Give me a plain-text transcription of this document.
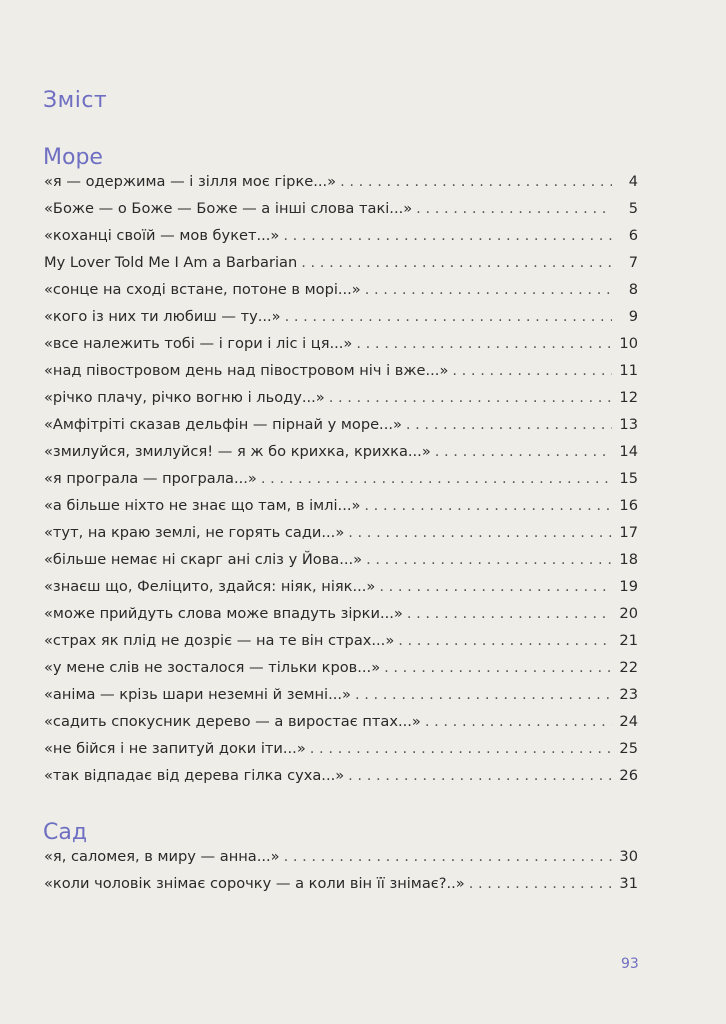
Зміст
Море
«я — одержима — і зілля моє гірке...» . . .	4
«Боже — о Боже — Боже — а інші слова такі...» . . .	5
«коханці своїй — мов букет...» . . .	6
My Lover Told Me I Am a Barbarian . . .	7
«сонце на сході встане, потоне в морі...» . . .	8
«кого із них ти любиш — ту...» . . .	9
«все належить тобі — і гори і ліс і ця...» . . .	10
«над півостровом день над півостровом ніч і вже...» . . .	11
«річко плачу, річко вогню і льоду...» . . .	12
«Амфітріті сказав дельфін — пірнай у море...» . . .	13
«змилуйся, змилуйся! — я ж бо крихка, крихка...» . . .	14
«я програла — програла...» . . .	15
«а більше ніхто не знає що там, в імлі...» . . .	16
«тут, на краю землі, не горять сади...» . . .	17
«більше немає ні скарг ані сліз у Йова...» . . .	18
«знаєш що, Феліцито, здайся: ніяк, ніяк...» . . .	19
«може прийдуть слова може впадуть зірки...» . . .	20
«страх як плід не дозріє — на те він страх...» . . .	21
«у мене слів не зосталося — тільки кров...» . . .	22
«аніма — крізь шари неземні й земні...» . . .	23
«садить спокусник дерево — а виростає птах...» . . .	24
«не бійся і не запитуй доки іти...» . . .	25
«так відпадає від дерева гілка суха...» . . .	26
Сад
«я, саломея, в миру — анна...» . . .	30
«коли чоловік знімає сорочку — а коли він її знімає?..» . . .	31
93
